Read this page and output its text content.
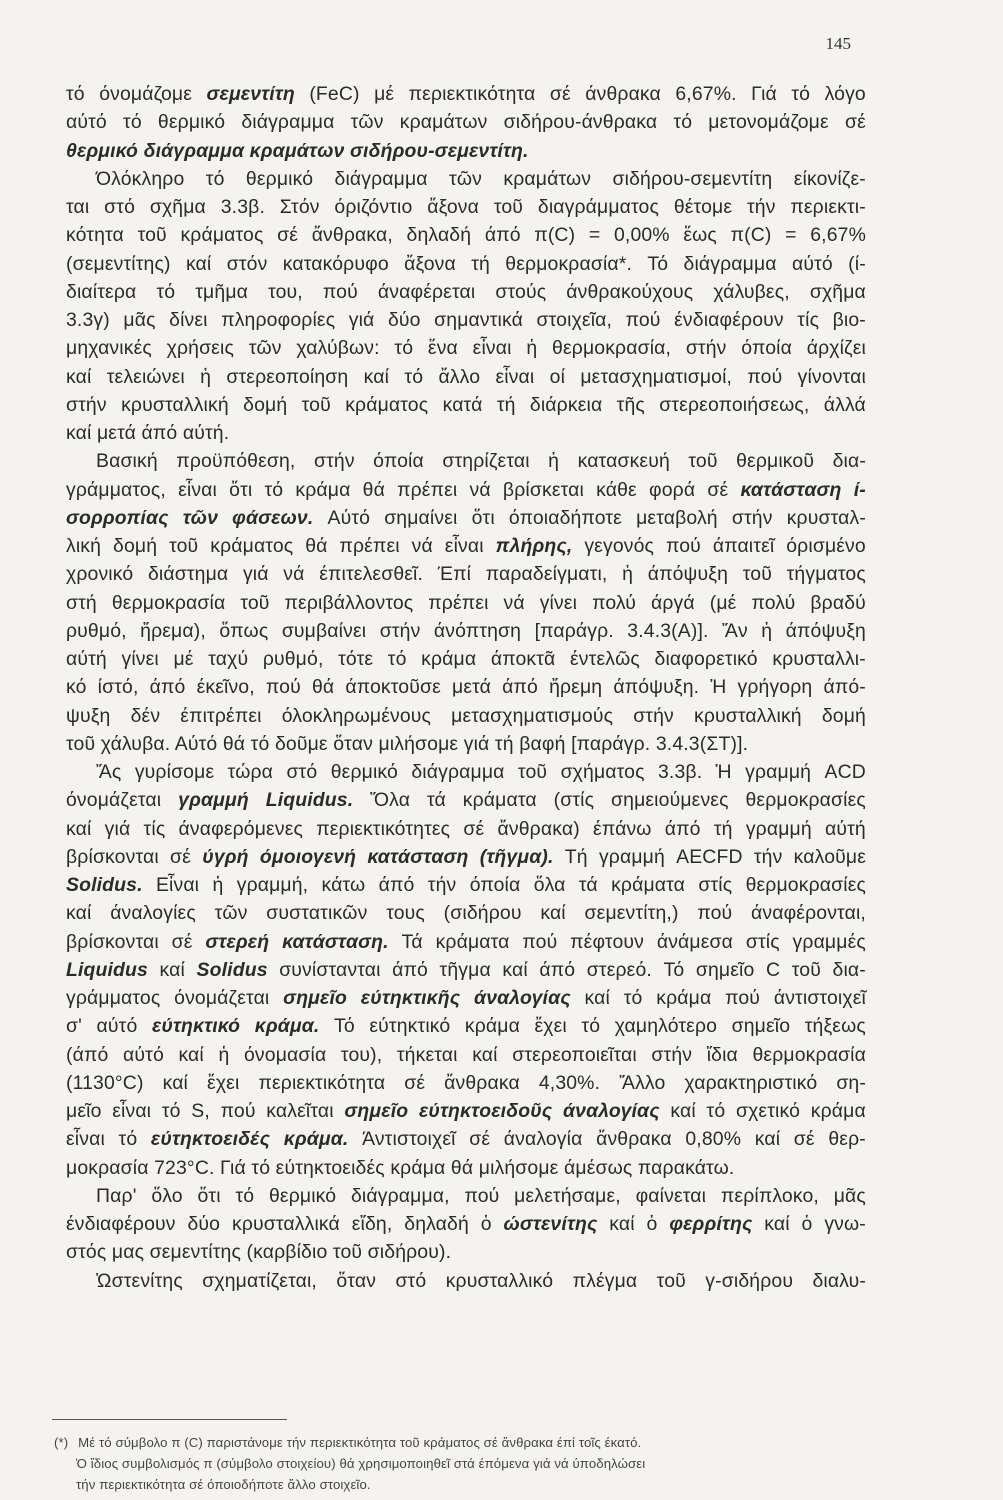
145
τό όνομάζομε σεμεντίτη (FeC) μέ περιεκτικότητα σέ άνθρακα 6,67%. Γιά τό λόγο
αύτό τό θερμικό διάγραμμα τῶν κραμάτων σιδήρου-άνθρακα τό μετονομάζομε σέ
θερμικό διάγραμμα κραμάτων σιδήρου-σεμεντίτη.
Όλόκληρο τό θερμικό διάγραμμα τῶν κραμάτων σιδήρου-σεμεντίτη είκονίζε-
ται στό σχῆμα 3.3β. Στόν όριζόντιο ἄξονα τοῦ διαγράμματος θέτομε τήν περιεκτι-
κότητα τοῦ κράματος σέ ἄνθρακα, δηλαδή άπό π(C) = 0,00% ἕως π(C) = 6,67%
(σεμεντίτης) καί στόν κατακόρυφο ἄξονα τή θερμοκρασία*. Τό διάγραμμα αύτό (ί-
διαίτερα τό τμῆμα του, πού άναφέρεται στούς άνθρακούχους χάλυβες, σχῆμα
3.3γ) μᾶς δίνει πληροφορίες γιά δύο σημαντικά στοιχεῖα, πού ένδιαφέρουν τίς βιο-
μηχανικές χρήσεις τῶν χαλύβων: τό ἕνα εἶναι ἡ θερμοκρασία, στήν όποία άρχίζει
καί τελειώνει ἡ στερεοποίηση καί τό ἄλλο εἶναι οί μετασχηματισμοί, πού γίνονται
στήν κρυσταλλική δομή τοῦ κράματος κατά τή διάρκεια τῆς στερεοποιήσεως, άλλά
καί μετά άπό αύτή.
Βασική προϋπόθεση, στήν όποία στηρίζεται ἡ κατασκευή τοῦ θερμικοῦ δια-
γράμματος, εἶναι ὅτι τό κράμα θά πρέπει νά βρίσκεται κάθε φορά σέ κατάσταση ί-
σορροπίας τῶν φάσεων. Αύτό σημαίνει ὅτι όποιαδήποτε μεταβολή στήν κρυσταλ-
λική δομή τοῦ κράματος θά πρέπει νά εἶναι πλήρης, γεγονός πού άπαιτεῖ όρισμένο
χρονικό διάστημα γιά νά έπιτελεσθεῖ. Έπί παραδείγματι, ἡ άπόψυξη τοῦ τήγματος
στή θερμοκρασία τοῦ περιβάλλοντος πρέπει νά γίνει πολύ άργά (μέ πολύ βραδύ
ρυθμό, ἤρεμα), ὅπως συμβαίνει στήν άνόπτηση [παράγρ. 3.4.3(Α)]. Ἄν ἡ άπόψυξη
αύτή γίνει μέ ταχύ ρυθμό, τότε τό κράμα άποκτᾶ έντελῶς διαφορετικό κρυσταλλι-
κό ίστό, άπό έκεῖνο, πού θά άποκτοῦσε μετά άπό ἤρεμη άπόψυξη. Ἡ γρήγορη άπό-
ψυξη δέν έπιτρέπει όλοκληρωμένους μετασχηματισμούς στήν κρυσταλλική δομή
τοῦ χάλυβα. Αύτό θά τό δοῦμε ὅταν μιλήσομε γιά τή βαφή [παράγρ. 3.4.3(ΣΤ)].
Ἄς γυρίσομε τώρα στό θερμικό διάγραμμα τοῦ σχήματος 3.3β. Ἡ γραμμή ACD
όνομάζεται γραμμή Liquidus. Ὅλα τά κράματα (στίς σημειούμενες θερμοκρασίες
καί γιά τίς άναφερόμενες περιεκτικότητες σέ ἄνθρακα) έπάνω άπό τή γραμμή αύτή
βρίσκονται σέ ύγρή όμοιογενή κατάσταση (τῆγμα). Τή γραμμή AECFD τήν καλοῦμε
Solidus. Εἶναι ἡ γραμμή, κάτω άπό τήν όποία ὅλα τά κράματα στίς θερμοκρασίες
καί άναλογίες τῶν συστατικῶν τους (σιδήρου καί σεμεντίτη,) πού άναφέρονται,
βρίσκονται σέ στερεή κατάσταση. Τά κράματα πού πέφτουν άνάμεσα στίς γραμμές
Liquidus καί Solidus συνίστανται άπό τῆγμα καί άπό στερεό. Τό σημεῖο C τοῦ δια-
γράμματος όνομάζεται σημεῖο εύτηκτικῆς άναλογίας καί τό κράμα πού άντιστοιχεῖ
σ' αύτό εύτηκτικό κράμα. Τό εύτηκτικό κράμα ἔχει τό χαμηλότερο σημεῖο τήξεως
(άπό αύτό καί ἡ όνομασία του), τήκεται καί στερεοποιεῖται στήν ἴδια θερμοκρασία
(1130°C) καί ἔχει περιεκτικότητα σέ ἄνθρακα 4,30%. Ἄλλο χαρακτηριστικό ση-
μεῖο εἶναι τό S, πού καλεῖται σημεῖο εύτηκτοειδοῦς άναλογίας καί τό σχετικό κράμα
εἶναι τό εύτηκτοειδές κράμα. Άντιστοιχεῖ σέ άναλογία ἄνθρακα 0,80% καί σέ θερ-
μοκρασία 723°C. Γιά τό εύτηκτοειδές κράμα θά μιλήσομε άμέσως παρακάτω.
Παρ' ὅλο ὅτι τό θερμικό διάγραμμα, πού μελετήσαμε, φαίνεται περίπλοκο, μᾶς
ένδιαφέρουν δύο κρυσταλλικά εἴδη, δηλαδή ὁ ώστενίτης καί ὁ φερρίτης καί ὁ γνω-
στός μας σεμεντίτης (καρβίδιο τοῦ σιδήρου).
Ὠστενίτης σχηματίζεται, ὅταν στό κρυσταλλικό πλέγμα τοῦ γ-σιδήρου διαλυ-
(*) Μέ τό σύμβολο π (C) παριστάνομε τήν περιεκτικότητα τοῦ κράματος σέ ἄνθρακα έπί τοῖς έκατό.
Ὁ ἴδιος συμβολισμός π (σύμβολο στοιχείου) θά χρησιμοποιηθεῖ στά έπόμενα γιά νά ύποδηλώσει
τήν περιεκτικότητα σέ όποιοδήποτε ἄλλο στοιχεῖο.
